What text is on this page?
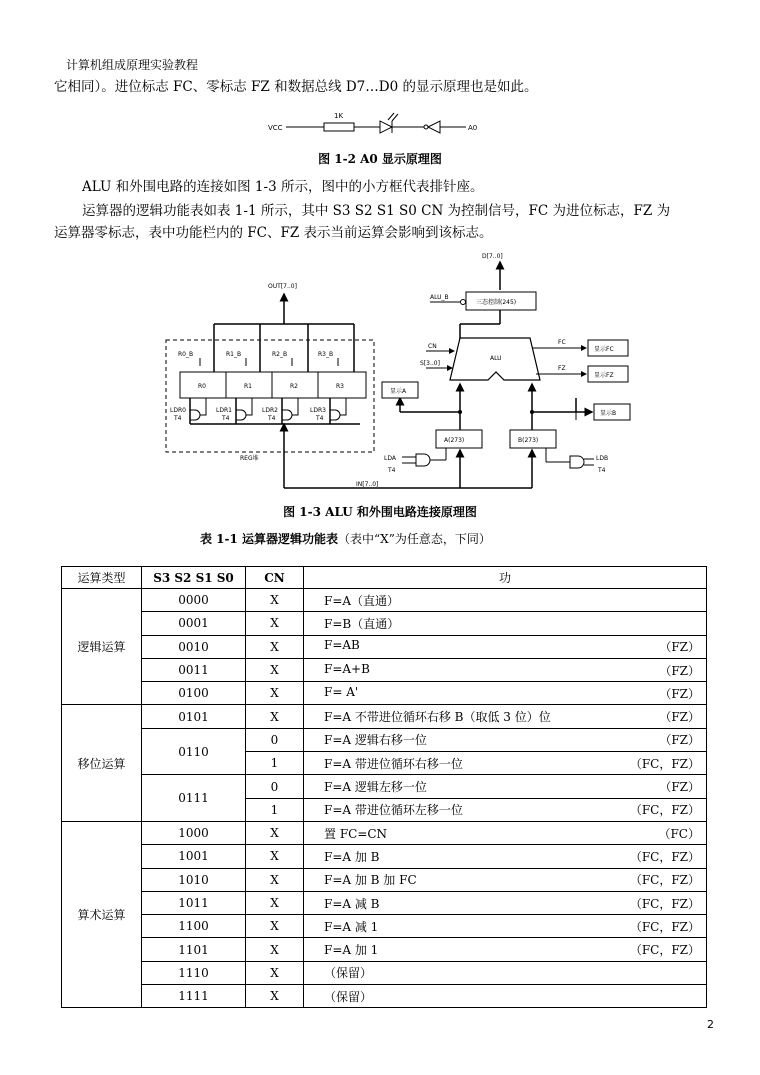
计算机组成原理实验教程
它相同）。进位标志 FC、零标志 FZ 和数据总线 D7…D0 的显示原理也是如此。
VCC
1K
A0
图 1-2 A0 显示原理图
ALU 和外围电路的连接如图 1-3 所示，图中的小方框代表排针座。
运算器的逻辑功能表如表 1-1 所示，其中 S3 S2 S1 S0 CN 为控制信号，FC 为进位标志，FZ 为
运算器零标志，表中功能栏内的 FC、FZ 表示当前运算会影响到该标志。
D[7..0]
三态控制(245)
ALU_B
ALU
CN
S[3..0]
FC
显示FC
FZ
显示FZ
A(273)	B(273)
显示A
显示B
LDA
T4
LDB
T4
IN[7..0]
REG堆
OUT[7..0]
R0	R1	R2	R3
R0_B	R1_B	R2_B	R3_B
LDR0
T4
LDR1
T4
LDR2
T4
LDR3
T4
图 1-3 ALU 和外围电路连接原理图
表 1-1 运算器逻辑功能表（表中“X”为任意态，下同）
运算类型	S3 S2 S1 S0	CN	功
逻辑运算	0000	X	F=A（直通）

	0001	X	F=B（直通）

	0010	X	F=AB （FZ）

	0011	X	F=A+B （FZ）

	0100	X	F= A' （FZ）

移位运算	0101	X	F=A 不带进位循环右移 B（取低 3 位）位 （FZ）

	0110	0	F=A 逻辑右移一位 （FZ）

		1	F=A 带进位循环右移一位 （FC，FZ）

	0111	0	F=A 逻辑左移一位 （FZ）

		1	F=A 带进位循环左移一位 （FC，FZ）

算术运算	1000	X	置 FC=CN （FC）

	1001	X	F=A 加 B （FC，FZ）

	1010	X	F=A 加 B 加 FC （FC，FZ）

	1011	X	F=A 减 B （FC，FZ）

	1100	X	F=A 减 1 （FC，FZ）

	1101	X	F=A 加 1 （FC，FZ）

	1110	X	（保留）

	1111	X	（保留）
2
